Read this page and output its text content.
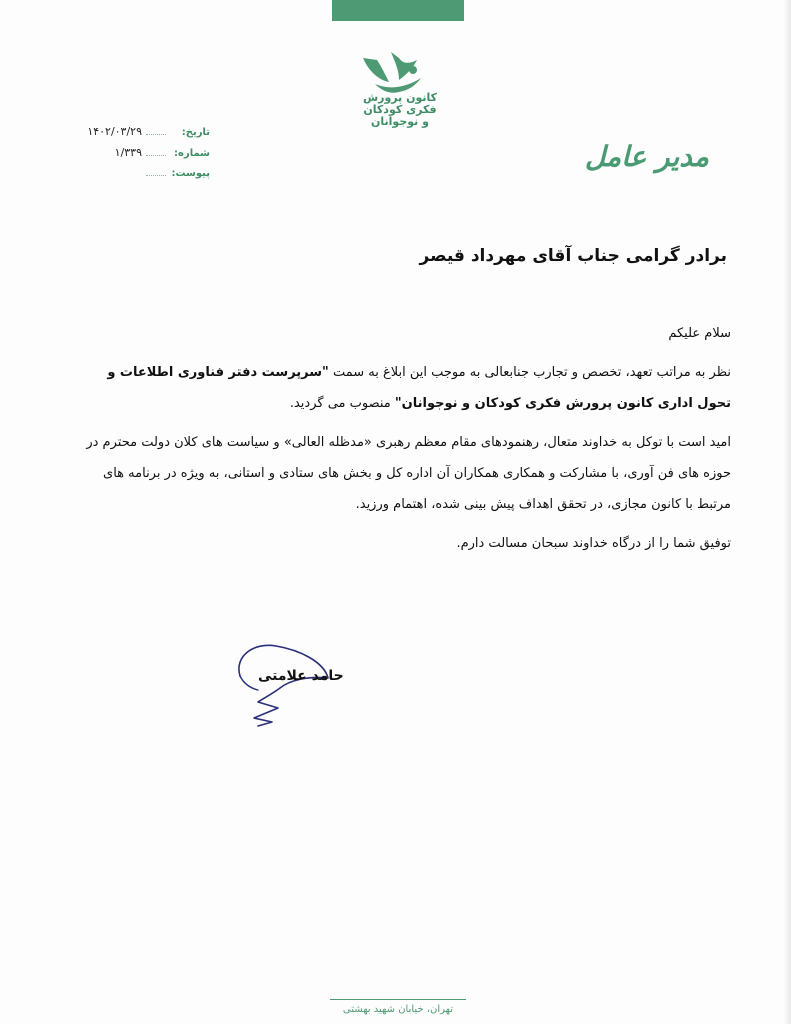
کانون پرورش فکری کودکان و نوجوانان
تاریخ:
۱۴۰۲/۰۳/۲۹
شماره:
۱/۳۳۹
پیوست:
مدیر عامل
برادر گرامی جناب آقای مهرداد قیصر

سلام علیکم

نظر به مراتب تعهد، تخصص و تجارب جنابعالی به موجب این ابلاغ به سمت "سرپرست دفتر فناوری اطلاعات و تحول اداری کانون پرورش فکری کودکان و نوجوانان" منصوب می گردید.

امید است با توکل به خداوند متعال، رهنمودهای مقام معظم رهبری «مدظله العالی» و سیاست های کلان دولت محترم در حوزه های فن آوری، با مشارکت و همکاری همکاران آن اداره کل و بخش های ستادی و استانی، به ویژه در برنامه های مرتبط با کانون مجازی، در تحقق اهداف پیش بینی شده، اهتمام ورزید.

توفیق شما را از درگاه خداوند سبحان مسالت دارم.

حامد علامتی
تهران، خیابان شهید بهشتی
